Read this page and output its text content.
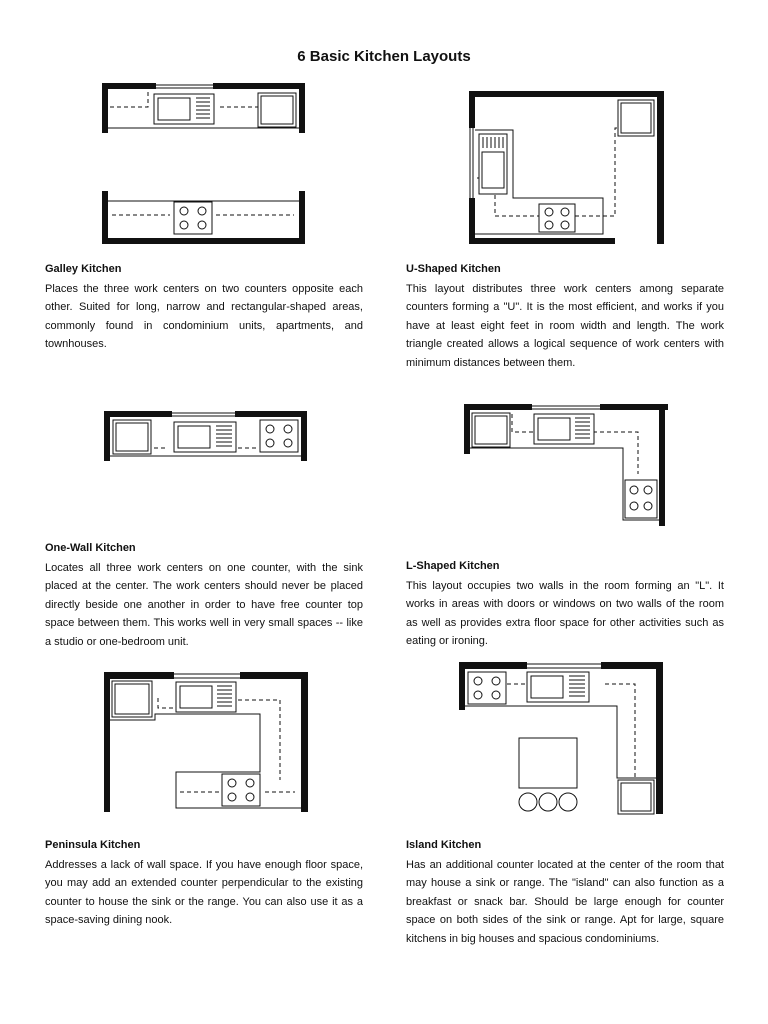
6 Basic Kitchen Layouts
Galley Kitchen

Places the three work centers on two counters opposite each other. Suited for long, narrow and rectangular-shaped areas, commonly found in condominium units, apartments, and townhouses.

U-Shaped Kitchen

This layout distributes three work centers among separate counters forming a "U". It is the most efficient, and works if you have at least eight feet in room width and length. The work triangle created allows a logical sequence of work centers with minimum distances between them.

One-Wall Kitchen

Locates all three work centers on one counter, with the sink placed at the center. The work centers should never be placed directly beside one another in order to have free counter top space between them. This works well in very small spaces -- like a studio or one-bedroom unit.

L-Shaped Kitchen

This layout occupies two walls in the room forming an "L". It works in areas with doors or windows on two walls of the room as well as provides extra floor space for other activities such as eating or ironing.

Peninsula Kitchen

Addresses a lack of wall space. If you have enough floor space, you may add an extended counter perpendicular to the existing counter to house the sink or the range. You can also use it as a space-saving dining nook.

Island Kitchen

Has an additional counter located at the center of the room that may house a sink or range. The "island" can also function as a breakfast or snack bar. Should be large enough for counter space on both sides of the sink or range. Apt for large, square kitchens in big houses and spacious condominiums.
